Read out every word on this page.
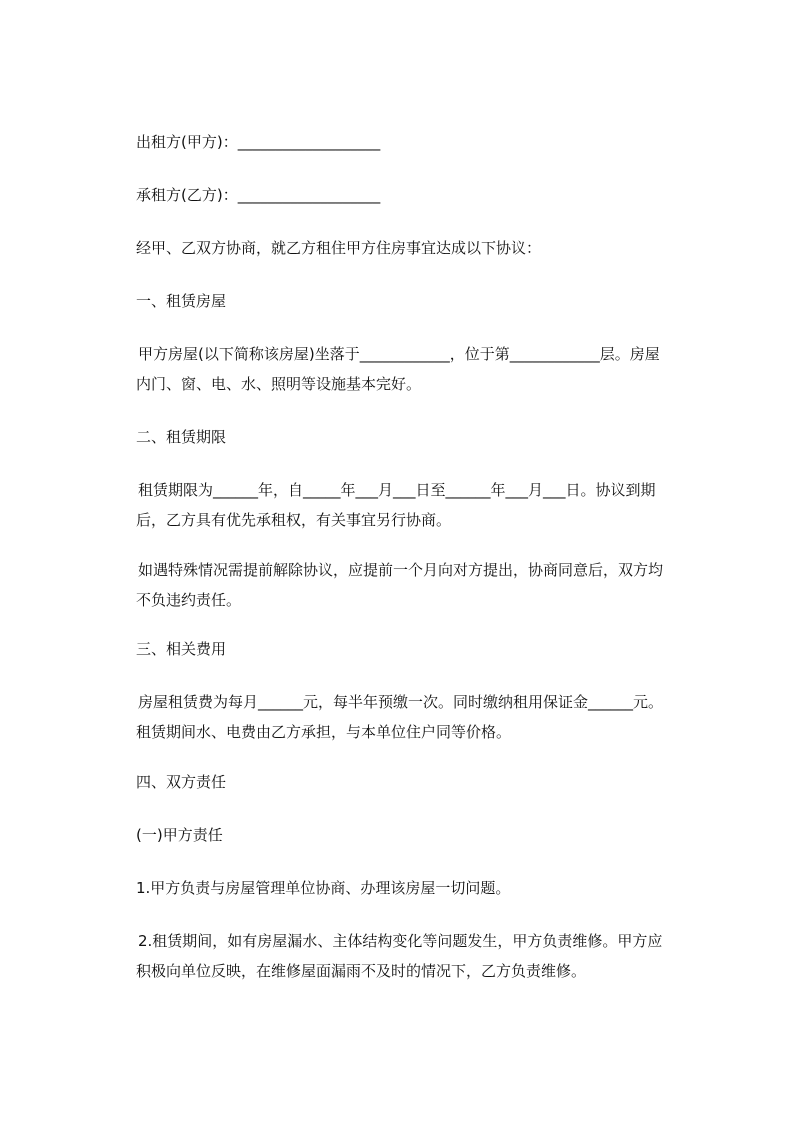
出租方(甲方)：___________________

承租方(乙方)：___________________

经甲、乙双方协商，就乙方租住甲方住房事宜达成以下协议：

一、租赁房屋

甲方房屋(以下简称该房屋)坐落于____________，位于第____________层。房屋

内门、窗、电、水、照明等设施基本完好。

二、租赁期限

租赁期限为______年，自_____年___月___日至______年___月___日。协议到期

后，乙方具有优先承租权，有关事宜另行协商。

如遇特殊情况需提前解除协议，应提前一个月向对方提出，协商同意后，双方均

不负违约责任。

三、相关费用

房屋租赁费为每月______元，每半年预缴一次。同时缴纳租用保证金______元。

租赁期间水、电费由乙方承担，与本单位住户同等价格。

四、双方责任

(一)甲方责任

1.甲方负责与房屋管理单位协商、办理该房屋一切问题。

2.租赁期间，如有房屋漏水、主体结构变化等问题发生，甲方负责维修。甲方应

积极向单位反映，在维修屋面漏雨不及时的情况下，乙方负责维修。
